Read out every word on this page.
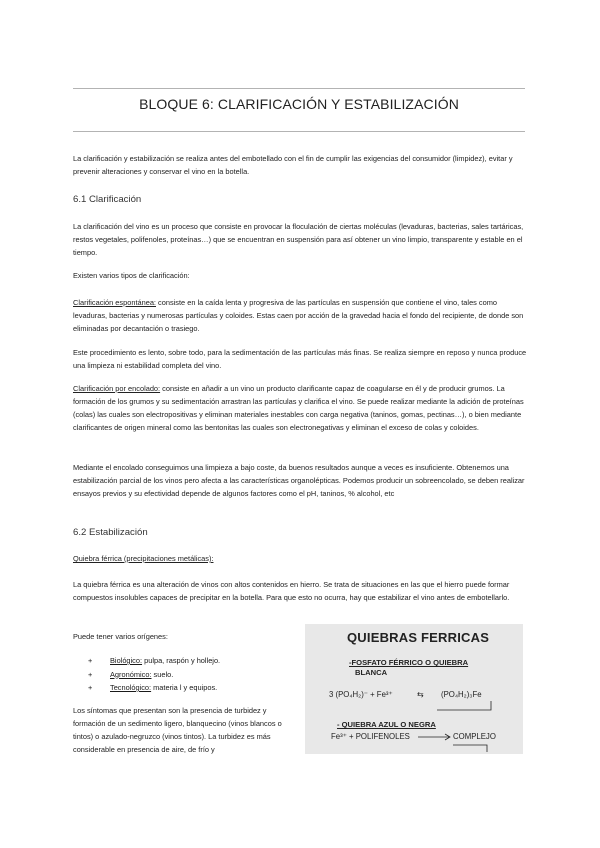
BLOQUE 6: CLARIFICACIÓN Y ESTABILIZACIÓN
La clarificación y estabilización se realiza antes del embotellado con el fin de cumplir las exigencias del consumidor (limpidez), evitar y prevenir alteraciones y conservar el vino en la botella.
6.1 Clarificación
La clarificación del vino es un proceso que consiste en provocar la floculación de ciertas moléculas (levaduras, bacterias, sales tartáricas, restos vegetales, polifenoles, proteínas…) que se encuentran en suspensión para así obtener un vino limpio, transparente y estable en el tiempo.
Existen varios tipos de clarificación:
Clarificación espontánea: consiste en la caída lenta y progresiva de las partículas en suspensión que contiene el vino, tales como levaduras, bacterias y numerosas partículas y coloides. Estas caen por acción de la gravedad hacia el fondo del recipiente, de donde son eliminadas por decantación o trasiego.
Este procedimiento es lento, sobre todo, para la sedimentación de las partículas más finas. Se realiza siempre en reposo y nunca produce una limpieza ni estabilidad completa del vino.
Clarificación por encolado: consiste en añadir a un vino un producto clarificante capaz de coagularse en él y de producir grumos. La formación de los grumos y su sedimentación arrastran las partículas y clarifica el vino. Se puede realizar mediante la adición de proteínas (colas) las cuales son electropositivas y eliminan materiales inestables con carga negativa (taninos, gomas, pectinas…), o bien mediante clarificantes de origen mineral como las bentonitas las cuales son electronegativas y eliminan el exceso de colas y coloides.
Mediante el encolado conseguimos una limpieza a bajo coste, da buenos resultados aunque a veces es insuficiente. Obtenemos una estabilización parcial de los vinos pero afecta a las características organolépticas. Podemos producir un sobreencolado, se deben realizar ensayos previos y su efectividad depende de algunos factores como el pH, taninos, % alcohol, etc
6.2 Estabilización
Quiebra férrica (precipitaciones metálicas):
La quiebra férrica es una alteración de vinos con altos contenidos en hierro. Se trata de situaciones en las que el hierro puede formar compuestos insolubles capaces de precipitar en la botella. Para que esto no ocurra, hay que estabilizar el vino antes de embotellarlo.
Puede tener varios orígenes:
+	Biológico: pulpa, raspón y hollejo.
+	Agronómico: suelo.
+	Tecnológico: materia l y equipos.
Los síntomas que presentan son la presencia de turbidez y formación de un sedimento ligero, blanquecino (vinos blancos o tintos) o azulado-negruzco (vinos tintos). La turbidez es más considerable en presencia de aire, de frío y
QUIEBRAS FERRICAS
-FOSFATO FÉRRICO O QUIEBRA
BLANCA
3 (PO₄H₂)⁻ + Fe³⁺	⇆ (PO₄H₂)₃Fe
- QUIEBRA AZUL O NEGRA
Fe³⁺ + POLIFENOLES	COMPLEJO
